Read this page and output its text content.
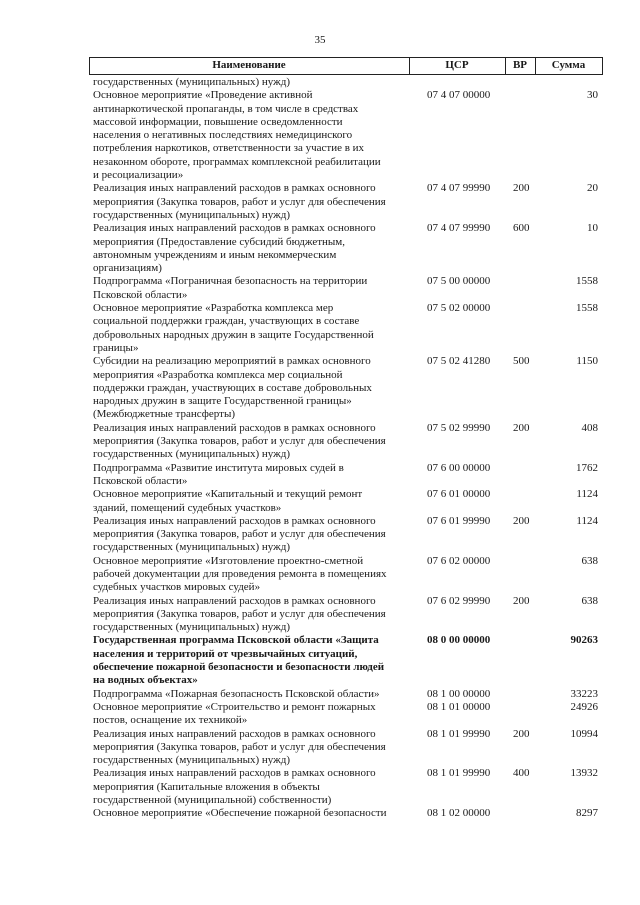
35
Наименование	ЦСР	ВР	Сумма
государственных (муниципальных) нужд)
Основное мероприятие «Проведение активной
антинаркотической пропаганды, в том числе в средствах
массовой информации, повышение осведомленности
населения о негативных последствиях немедицинского
потребления наркотиков, ответственности за участие в их
незаконном обороте, программах комплексной реабилитации
и ресоциализации»
07 4 07 00000	30
Реализация иных направлений расходов в рамках основного
мероприятия (Закупка товаров, работ и услуг для обеспечения
государственных (муниципальных) нужд)
07 4 07 99990 200	20
Реализация иных направлений расходов в рамках основного
мероприятия (Предоставление субсидий бюджетным,
автономным учреждениям и иным некоммерческим
организациям)
07 4 07 99990 600	10
Подпрограмма «Пограничная безопасность на территории
Псковской области»
07 5 00 00000	1558
Основное мероприятие «Разработка комплекса мер
социальной поддержки граждан, участвующих в составе
добровольных народных дружин в защите Государственной
границы»
07 5 02 00000	1558
Субсидии на реализацию мероприятий в рамках основного
мероприятия «Разработка комплекса мер социальной
поддержки граждан, участвующих в составе добровольных
народных дружин в защите Государственной границы»
(Межбюджетные трансферты)
07 5 02 41280 500	1150
Реализация иных направлений расходов в рамках основного
мероприятия (Закупка товаров, работ и услуг для обеспечения
государственных (муниципальных) нужд)
07 5 02 99990 200	408
Подпрограмма «Развитие института мировых судей в
Псковской области»
07 6 00 00000	1762
Основное мероприятие «Капитальный и текущий ремонт
зданий, помещений судебных участков»
07 6 01 00000	1124
Реализация иных направлений расходов в рамках основного
мероприятия (Закупка товаров, работ и услуг для обеспечения
государственных (муниципальных) нужд)
07 6 01 99990 200	1124
Основное мероприятие «Изготовление проектно-сметной
рабочей документации для проведения ремонта в помещениях
судебных участков мировых судей»
07 6 02 00000	638
Реализация иных направлений расходов в рамках основного
мероприятия (Закупка товаров, работ и услуг для обеспечения
государственных (муниципальных) нужд)
07 6 02 99990 200	638
Государственная программа Псковской области «Защита
населения и территорий от чрезвычайных ситуаций,
обеспечение пожарной безопасности и безопасности людей
на водных объектах»
08 0 00 00000	90263
Подпрограмма «Пожарная безопасность Псковской области»	08 1 00 00000	33223
Основное мероприятие «Строительство и ремонт пожарных
постов, оснащение их техникой»
08 1 01 00000	24926
Реализация иных направлений расходов в рамках основного
мероприятия (Закупка товаров, работ и услуг для обеспечения
государственных (муниципальных) нужд)
08 1 01 99990 200	10994
Реализация иных направлений расходов в рамках основного
мероприятия (Капитальные вложения в объекты
государственной (муниципальной) собственности)
08 1 01 99990 400	13932
Основное мероприятие «Обеспечение пожарной безопасности	08 1 02 00000	8297
